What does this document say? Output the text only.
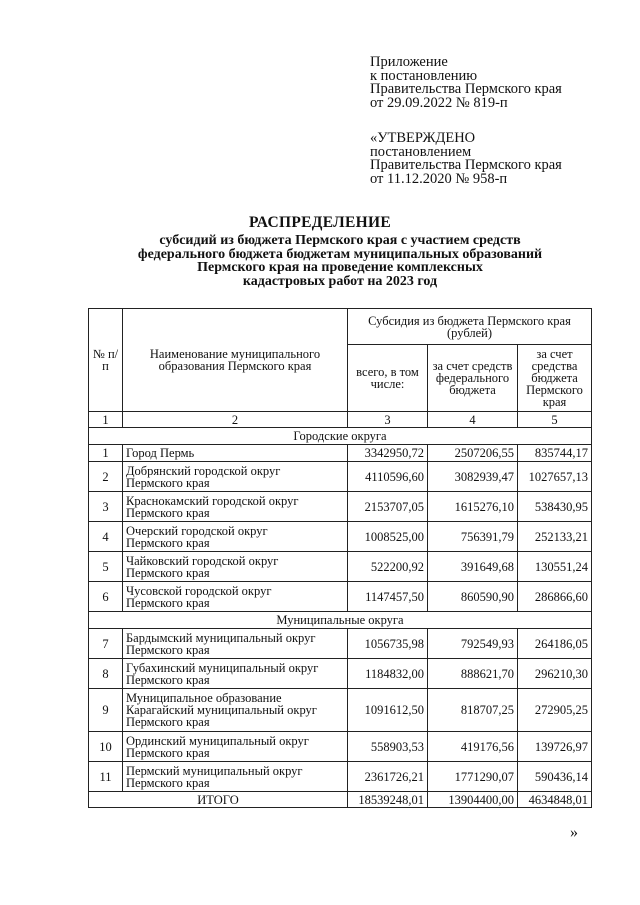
Приложение
к постановлению
Правительства Пермского края
от 29.09.2022 № 819-п
«УТВЕРЖДЕНО
постановлением
Правительства Пермского края
от 11.12.2020 № 958-п
РАСПРЕДЕЛЕНИЕ
субсидий из бюджета Пермского края с участием средств
федерального бюджета бюджетам муниципальных образований
Пермского края на проведение комплексных
кадастровых работ на 2023 год
№ п/п	Наименование муниципального образования Пермского края	Субсидия из бюджета Пермского края (рублей)		
		всего, в том числе:	за счет средств федерального бюджета	за счет средства бюджета Пермского края
1	2	3	4	5
Городские округа				
1	Город Пермь	3342950,72	2507206,55	835744,17
2	Добрянский городской округ
Пермского края	4110596,60	3082939,47	1027657,13
3	Краснокамский городской округ
Пермского края	2153707,05	1615276,10	538430,95
4	Очерский городской округ
Пермского края	1008525,00	756391,79	252133,21
5	Чайковский городской округ
Пермского края	522200,92	391649,68	130551,24
6	Чусовской городской округ
Пермского края	1147457,50	860590,90	286866,60
Муниципальные округа				
7	Бардымский муниципальный округ
Пермского края	1056735,98	792549,93	264186,05
8	Губахинский муниципальный округ
Пермского края	1184832,00	888621,70	296210,30
9	Муниципальное образование
Карагайский муниципальный округ
Пермского края	1091612,50	818707,25	272905,25
10	Ординский муниципальный округ
Пермского края	558903,53	419176,56	139726,97
11	Пермский муниципальный округ
Пермского края	2361726,21	1771290,07	590436,14
ИТОГО		18539248,01	13904400,00	4634848,01
»
